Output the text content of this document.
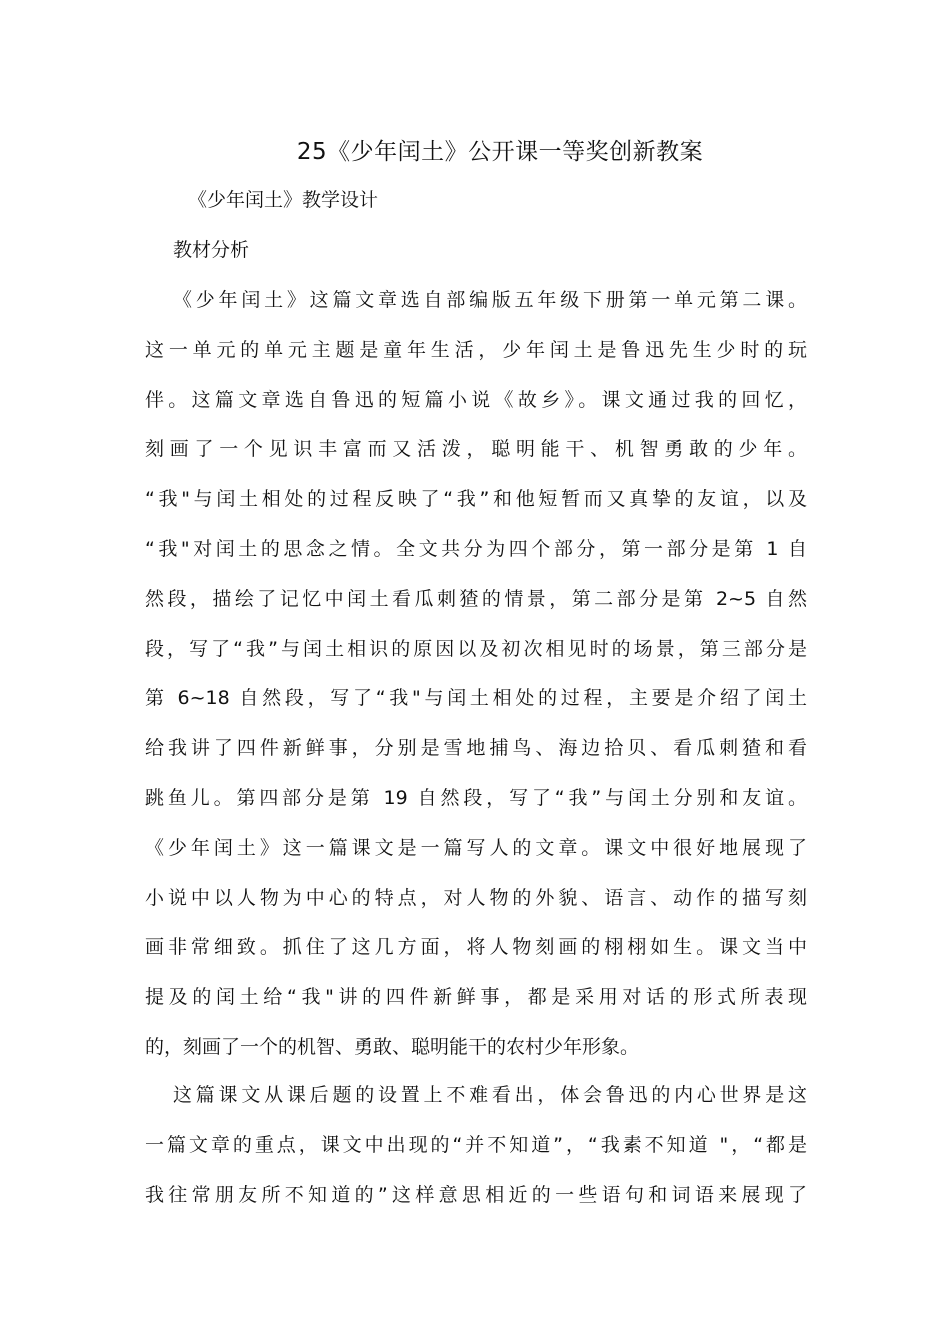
25《少年闰土》公开课一等奖创新教案
《少年闰土》教学设计
教材分析
《少年闰土》这篇文章选自部编版五年级下册第一单元第二课。
这一单元的单元主题是童年生活，少年闰土是鲁迅先生少时的玩
伴。这篇文章选自鲁迅的短篇小说《故乡》。课文通过我的回忆，
刻画了一个见识丰富而又活泼，聪明能干、机智勇敢的少年。
“我"与闰土相处的过程反映了“我”和他短暂而又真挚的友谊，以及
“我"对闰土的思念之情。全文共分为四个部分，第一部分是第 1 自
然段，描绘了记忆中闰土看瓜刺猹的情景，第二部分是第 2~5 自然
段，写了“我”与闰土相识的原因以及初次相见时的场景，第三部分是
第 6~18 自然段，写了“我"与闰土相处的过程，主要是介绍了闰土
给我讲了四件新鲜事，分别是雪地捕鸟、海边拾贝、看瓜刺猹和看
跳鱼儿。第四部分是第 19 自然段，写了“我”与闰土分别和友谊。
《少年闰土》这一篇课文是一篇写人的文章。课文中很好地展现了
小说中以人物为中心的特点，对人物的外貌、语言、动作的描写刻
画非常细致。抓住了这几方面，将人物刻画的栩栩如生。课文当中
提及的闰土给“我"讲的四件新鲜事，都是采用对话的形式所表现
的，刻画了一个的机智、勇敢、聪明能干的农村少年形象。
这篇课文从课后题的设置上不难看出，体会鲁迅的内心世界是这
一篇文章的重点，课文中出现的“并不知道”，“我素不知道 "，“都是
我往常朋友所不知道的”这样意思相近的一些语句和词语来展现了
